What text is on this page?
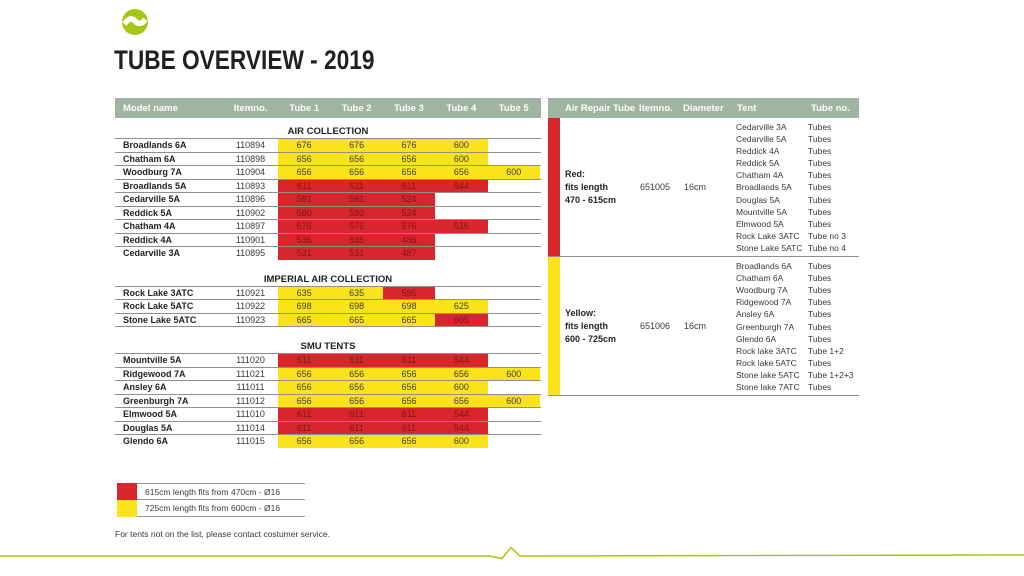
TUBE OVERVIEW - 2019
Model name	Itemno.	Tube 1	Tube 2	Tube 3	Tube 4	Tube 5
AIR COLLECTION
Broadlands 6A	110894	676	676	676	600
Chatham 6A	110898	656	656	656	600
Woodburg 7A	110904	656	656	656	656	600
Broadlands 5A	110893	611	611	611	544
Cedarville 5A	110896	581	581	524
Reddick 5A	110902	580	580	524
Chatham 4A	110897	576	576	576	516
Reddick 4A	110901	535	535	486
Cedarville 3A	110895	531	531	487
IMPERIAL AIR COLLECTION
Rock Lake 3ATC	110921	635	635	585
Rock Lake 5ATC	110922	698	698	698	625
Stone Lake 5ATC	110923	665	665	665	605
SMU TENTS
Mountville 5A	111020	611	611	611	544
Ridgewood 7A	111021	656	656	656	656	600
Ansley 6A	111011	656	656	656	600
Greenburgh 7A	111012	656	656	656	656	600
Elmwood 5A	111010	611	611	611	544
Douglas 5A	111014	611	611	611	544
Glendo 6A	111015	656	656	656	600
Air Repair Tube Itemno.	Diameter	Tent	Tube no.
Red:
fits length
470 - 615cm
651005	16cm
Cedarville 3A	Tubes
Cedarville 5A	Tubes
Reddick 4A	Tubes
Reddick 5A	Tubes
Chatham 4A	Tubes
Broadlands 5A	Tubes
Douglas 5A	Tubes
Mountville 5A	Tubes
Elmwood 5A	Tubes
Rock Lake 3ATC Tube no 3
Stone Lake 5ATC Tube no 4
Yellow:
fits length
600 - 725cm
651006	16cm
Broadlands 6A	Tubes
Chatham 6A	Tubes
Woodburg 7A	Tubes
Ridgewood 7A	Tubes
Ansley 6A	Tubes
Greenburgh 7A	Tubes
Glendo 6A	Tubes
Rock lake 3ATC	Tube 1+2
Rock lake 5ATC	Tubes
Stone lake 5ATC Tube 1+2+3
Stone lake 7ATC Tubes
615cm length fits from 470cm - Ø16
725cm length fits from 600cm - Ø16
For tents not on the list, please contact costumer service.
